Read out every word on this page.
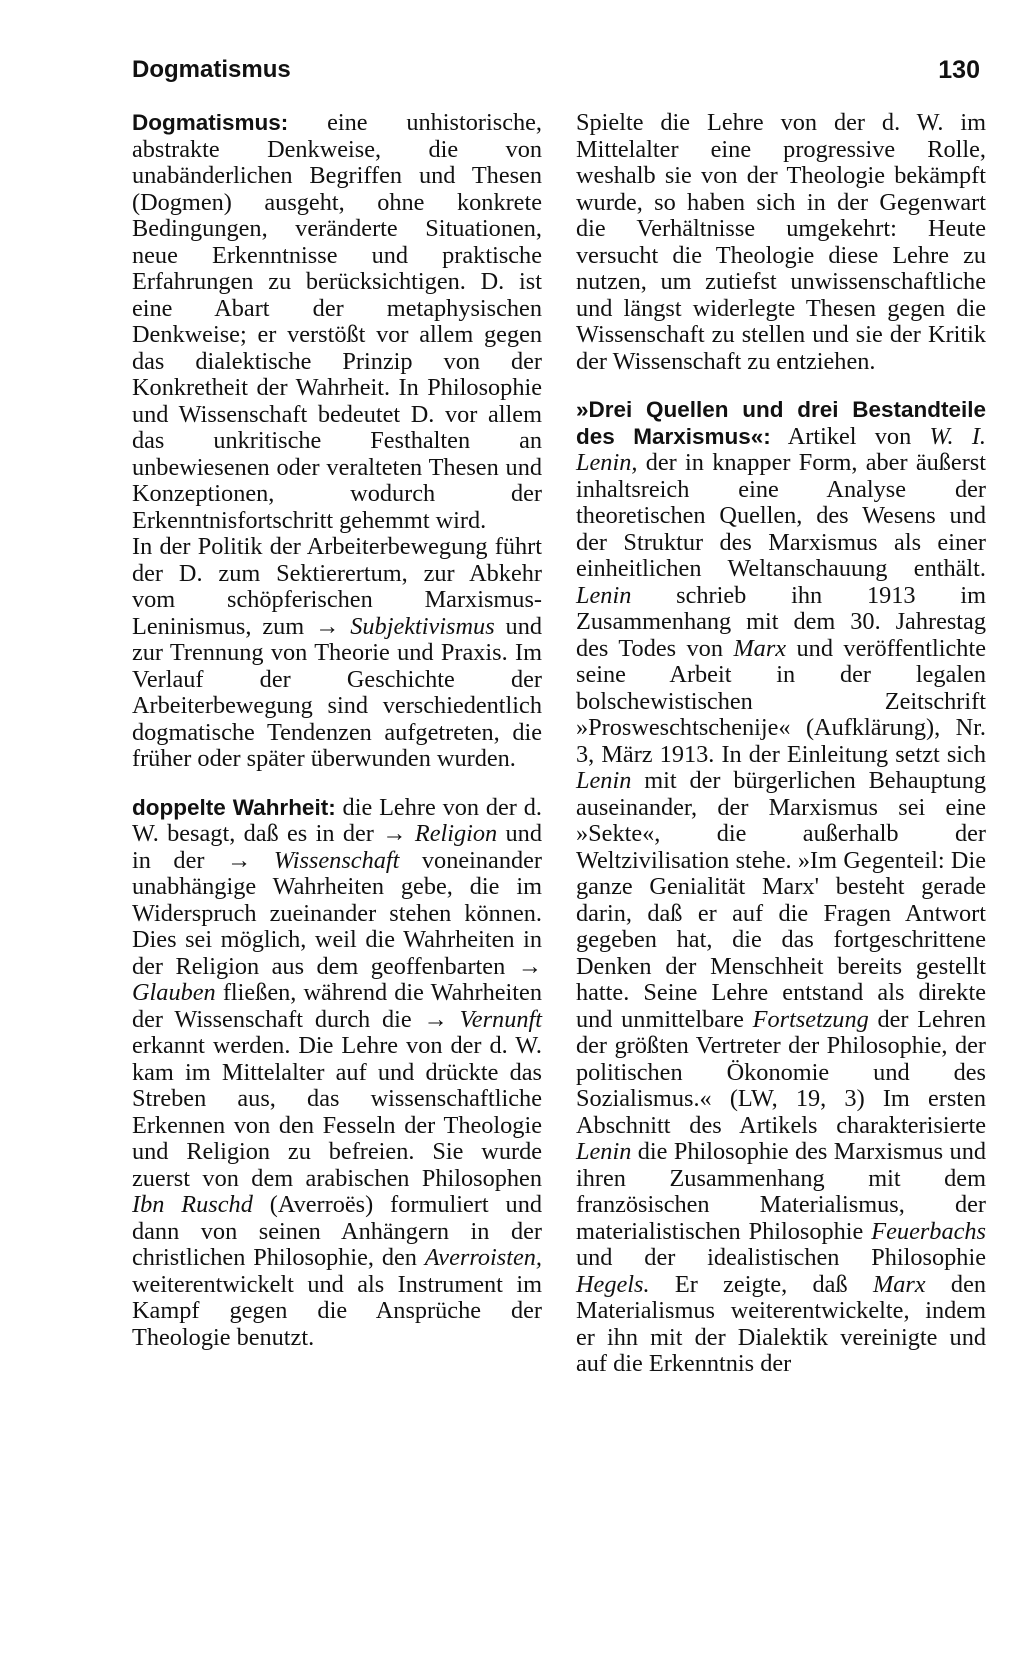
Dogmatismus	130

Dogmatismus: eine unhistorische, abstrakte Denkweise, die von unabänderlichen Begriffen und Thesen (Dogmen) ausgeht, ohne konkrete Bedingungen, veränderte Situationen, neue Erkenntnisse und praktische Erfahrungen zu berücksichtigen. D. ist eine Abart der metaphysischen Denkweise; er verstößt vor allem gegen das dialektische Prinzip von der Konkretheit der Wahrheit. In Philosophie und Wissenschaft bedeutet D. vor allem das unkritische Festhalten an unbewiesenen oder veralteten Thesen und Konzeptionen, wodurch der Erkenntnisfortschritt gehemmt wird.

In der Politik der Arbeiterbewegung führt der D. zum Sektierertum, zur Abkehr vom schöpferischen Marxismus-Leninismus, zum → Subjektivismus und zur Trennung von Theorie und Praxis. Im Verlauf der Geschichte der Arbeiterbewegung sind verschiedentlich dogmatische Tendenzen aufgetreten, die früher oder später überwunden wurden.

doppelte Wahrheit: die Lehre von der d. W. besagt, daß es in der → Religion und in der → Wissenschaft voneinander unabhängige Wahrheiten gebe, die im Widerspruch zueinander stehen können. Dies sei möglich, weil die Wahrheiten in der Religion aus dem geoffenbarten → Glauben fließen, während die Wahrheiten der Wissenschaft durch die → Vernunft erkannt werden. Die Lehre von der d. W. kam im Mittelalter auf und drückte das Streben aus, das wissenschaftliche Erkennen von den Fesseln der Theologie und Religion zu befreien. Sie wurde zuerst von dem arabischen Philosophen Ibn Ruschd (Averroës) formuliert und dann von seinen Anhängern in der christlichen Philosophie, den Averroisten, weiterentwickelt und als Instrument im Kampf gegen die Ansprüche der Theologie benutzt.

Spielte die Lehre von der d. W. im Mittelalter eine progressive Rolle, weshalb sie von der Theologie bekämpft wurde, so haben sich in der Gegenwart die Verhältnisse umgekehrt: Heute versucht die Theologie diese Lehre zu nutzen, um zutiefst unwissenschaftliche und längst widerlegte Thesen gegen die Wissenschaft zu stellen und sie der Kritik der Wissenschaft zu entziehen.

»Drei Quellen und drei Bestandteile des Marxismus«: Artikel von W. I. Lenin, der in knapper Form, aber äußerst inhaltsreich eine Analyse der theoretischen Quellen, des Wesens und der Struktur des Marxismus als einer einheitlichen Weltanschauung enthält. Lenin schrieb ihn 1913 im Zusammenhang mit dem 30. Jahrestag des Todes von Marx und veröffentlichte seine Arbeit in der legalen bolschewistischen Zeitschrift »Prosweschtschenije« (Aufklärung), Nr. 3, März 1913. In der Einleitung setzt sich Lenin mit der bürgerlichen Behauptung auseinander, der Marxismus sei eine »Sekte«, die außerhalb der Weltzivilisation stehe. »Im Gegenteil: Die ganze Genialität Marx' besteht gerade darin, daß er auf die Fragen Antwort gegeben hat, die das fortgeschrittene Denken der Menschheit bereits gestellt hatte. Seine Lehre entstand als direkte und unmittelbare Fortsetzung der Lehren der größten Vertreter der Philosophie, der politischen Ökonomie und des Sozialismus.« (LW, 19, 3) Im ersten Abschnitt des Artikels charakterisierte Lenin die Philosophie des Marxismus und ihren Zusammenhang mit dem französischen Materialismus, der materialistischen Philosophie Feuerbachs und der idealistischen Philosophie Hegels. Er zeigte, daß Marx den Materialismus weiterentwickelte, indem er ihn mit der Dialektik vereinigte und auf die Erkenntnis der
